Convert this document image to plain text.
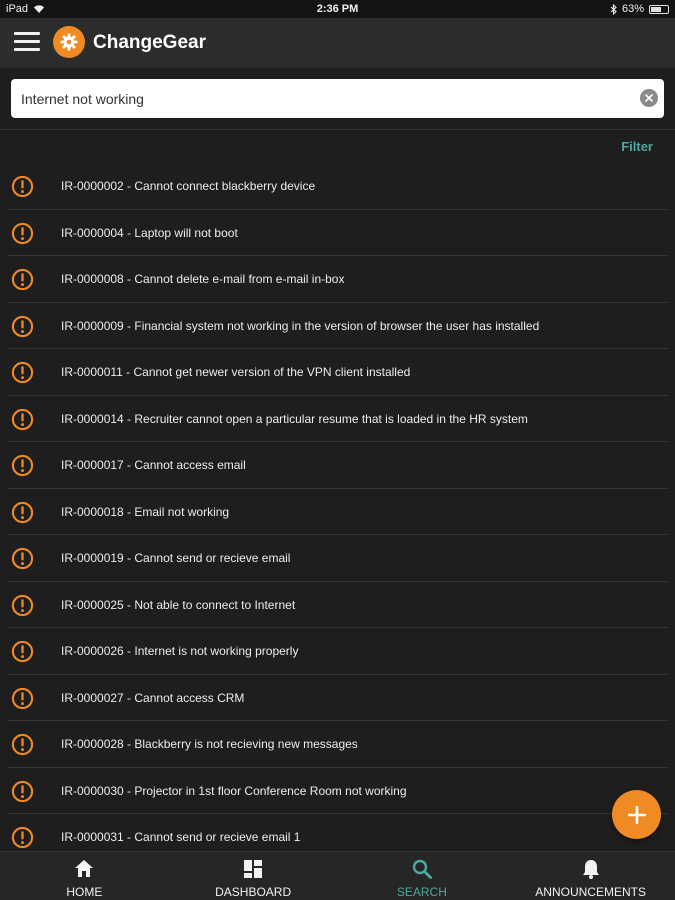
iPad	2:36 PM	63%
ChangeGear
Internet not working
Filter
IR-0000002 - Cannot connect blackberry device
IR-0000004 - Laptop will not boot
IR-0000008 - Cannot delete e-mail from e-mail in-box
IR-0000009 - Financial system not working in the version of browser the user has installed
IR-0000011 - Cannot get newer version of the VPN client installed
IR-0000014 - Recruiter cannot open a particular resume that is loaded in the HR system
IR-0000017 - Cannot access email
IR-0000018 - Email not working
IR-0000019 - Cannot send or recieve email
IR-0000025 - Not able to connect to Internet
IR-0000026 - Internet is not working properly
IR-0000027 - Cannot access CRM
IR-0000028 - Blackberry is not recieving new messages
IR-0000030 - Projector in 1st floor Conference Room not working
IR-0000031 - Cannot send or recieve email 1
HOME	DASHBOARD	SEARCH	ANNOUNCEMENTS
